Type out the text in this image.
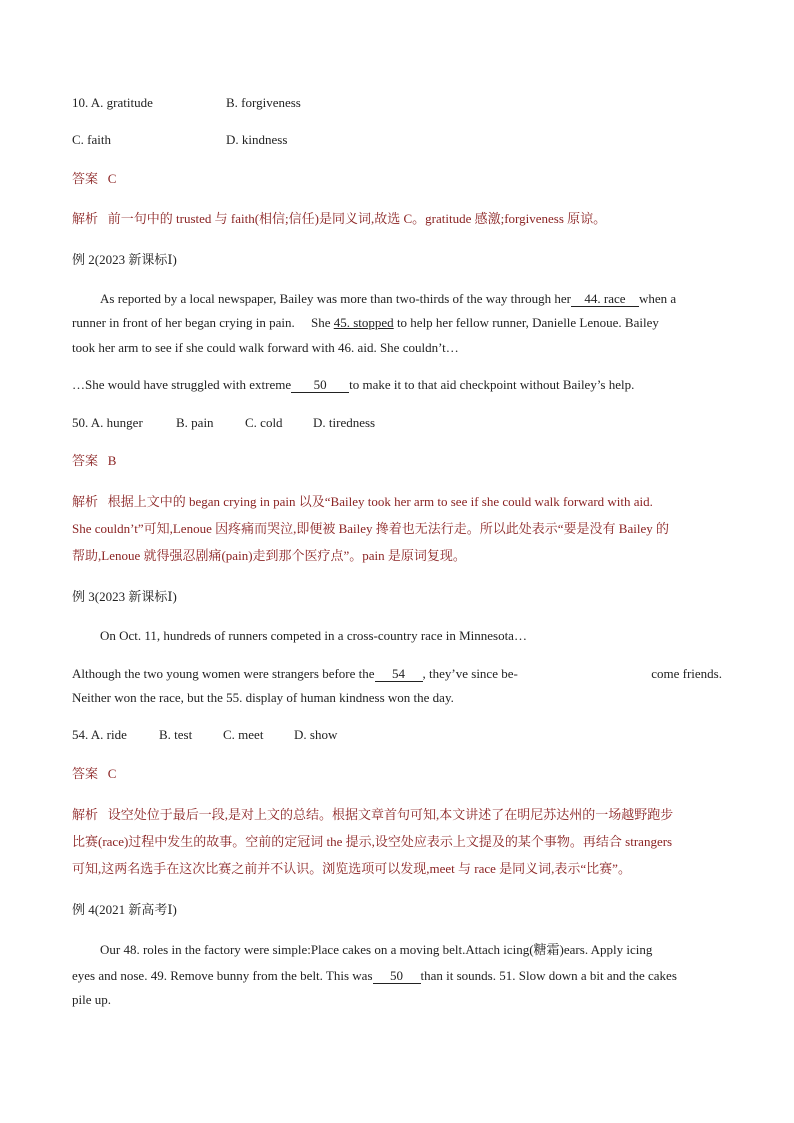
10. A. gratitude	B. forgiveness
C. faith	D. kindness
答案 C
解析 前一句中的 trusted 与 faith(相信;信任)是同义词,故选 C。gratitude 感激;forgiveness 原谅。
例 2(2023 新课标Ⅰ)
As reported by a local newspaper, Bailey was more than two-thirds of the way through her 44. race when a
runner in front of her began crying in pain. She 45. stopped to help her fellow runner, Danielle Lenoue. Bailey
took her arm to see if she could walk forward with 46. aid. She couldn’t…
…She would have struggled with extreme 50 to make it to that aid checkpoint without Bailey’s help.
50. A. hunger	B. pain C. cold D. tiredness
答案 B
解析 根据上文中的 began crying in pain 以及“Bailey took her arm to see if she could walk forward with aid.
She couldn’t”可知,Lenoue 因疼痛而哭泣,即便被 Bailey 搀着也无法行走。所以此处表示“要是没有 Bailey 的
帮助,Lenoue 就得强忍剧痛(pain)走到那个医疗点”。pain 是原词复现。
例 3(2023 新课标Ⅰ)
On Oct. 11, hundreds of runners competed in a cross-country race in Minnesota…
Although the two young women were strangers before the 54 , they’ve since be-	come friends.
Neither won the race, but the 55. display of human kindness won the day.
54. A. ride B. test C. meet D. show
答案 C
解析 设空处位于最后一段,是对上文的总结。根据文章首句可知,本文讲述了在明尼苏达州的一场越野跑步
比赛(race)过程中发生的故事。空前的定冠词 the 提示,设空处应表示上文提及的某个事物。再结合 strangers
可知,这两名选手在这次比赛之前并不认识。浏览选项可以发现,meet 与 race 是同义词,表示“比赛”。
例 4(2021 新高考Ⅰ)
Our 48. roles in the factory were simple:Place cakes on a moving belt.Attach icing(糖霜)ears. Apply icing
eyes and nose. 49. Remove bunny from the belt. This was 50 than it sounds. 51. Slow down a bit and the cakes
pile up.
